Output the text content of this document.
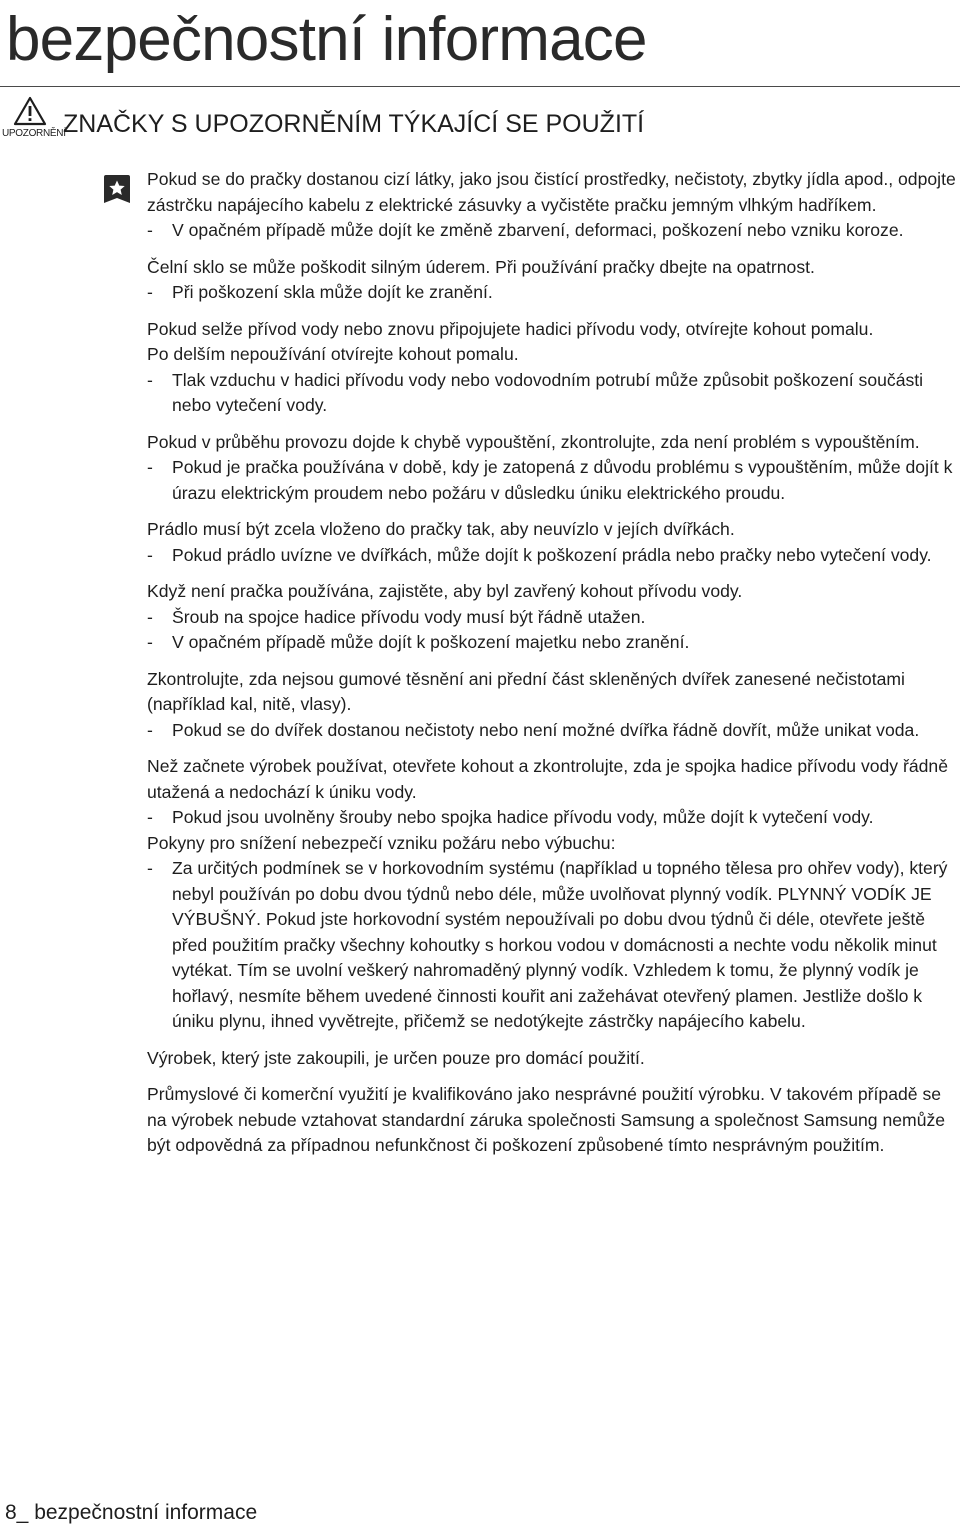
bezpečnostní informace
UPOZORNĚNÍ
ZNAČKY S UPOZORNĚNÍM TÝKAJÍCÍ SE POUŽITÍ

Pokud se do pračky dostanou cizí látky, jako jsou čistící prostředky, nečistoty, zbytky jídla apod., odpojte zástrčku napájecího kabelu z elektrické zásuvky a vyčistěte pračku jemným vlhkým hadříkem.

- V opačném případě může dojít ke změně zbarvení, deformaci, poškození nebo vzniku koroze.

Čelní sklo se může poškodit silným úderem. Při používání pračky dbejte na opatrnost.

- Při poškození skla může dojít ke zranění.

Pokud selže přívod vody nebo znovu připojujete hadici přívodu vody, otvírejte kohout pomalu.

Po delším nepoužívání otvírejte kohout pomalu.

- Tlak vzduchu v hadici přívodu vody nebo vodovodním potrubí může způsobit poškození součásti nebo vytečení vody.

Pokud v průběhu provozu dojde k chybě vypouštění, zkontrolujte, zda není problém s vypouštěním.

- Pokud je pračka používána v době, kdy je zatopená z důvodu problému s vypouštěním, může dojít k úrazu elektrickým proudem nebo požáru v důsledku úniku elektrického proudu.

Prádlo musí být zcela vloženo do pračky tak, aby neuvízlo v jejích dvířkách.

- Pokud prádlo uvízne ve dvířkách, může dojít k poškození prádla nebo pračky nebo vytečení vody.

Když není pračka používána, zajistěte, aby byl zavřený kohout přívodu vody.

- Šroub na spojce hadice přívodu vody musí být řádně utažen.

- V opačném případě může dojít k poškození majetku nebo zranění.

Zkontrolujte, zda nejsou gumové těsnění ani přední část skleněných dvířek zanesené nečistotami (například kal, nitě, vlasy).

- Pokud se do dvířek dostanou nečistoty nebo není možné dvířka řádně dovřít, může unikat voda.

Než začnete výrobek používat, otevřete kohout a zkontrolujte, zda je spojka hadice přívodu vody řádně utažená a nedochází k úniku vody.

- Pokud jsou uvolněny šrouby nebo spojka hadice přívodu vody, může dojít k vytečení vody.

Pokyny pro snížení nebezpečí vzniku požáru nebo výbuchu:

- Za určitých podmínek se v horkovodním systému (například u topného tělesa pro ohřev vody), který nebyl používán po dobu dvou týdnů nebo déle, může uvolňovat plynný vodík. PLYNNÝ VODÍK JE VÝBUŠNÝ. Pokud jste horkovodní systém nepoužívali po dobu dvou týdnů či déle, otevřete ještě před použitím pračky všechny kohoutky s horkou vodou v domácnosti a nechte vodu několik minut vytékat. Tím se uvolní veškerý nahromaděný plynný vodík. Vzhledem k tomu, že plynný vodík je hořlavý, nesmíte během uvedené činnosti kouřit ani zažehávat otevřený plamen. Jestliže došlo k úniku plynu, ihned vyvětrejte, přičemž se nedotýkejte zástrčky napájecího kabelu.

Výrobek, který jste zakoupili, je určen pouze pro domácí použití.

Průmyslové či komerční využití je kvalifikováno jako nesprávné použití výrobku. V takovém případě se na výrobek nebude vztahovat standardní záruka společnosti Samsung a společnost Samsung nemůže být odpovědná za případnou nefunkčnost či poškození způsobené tímto nesprávným použitím.

8_ bezpečnostní informace
